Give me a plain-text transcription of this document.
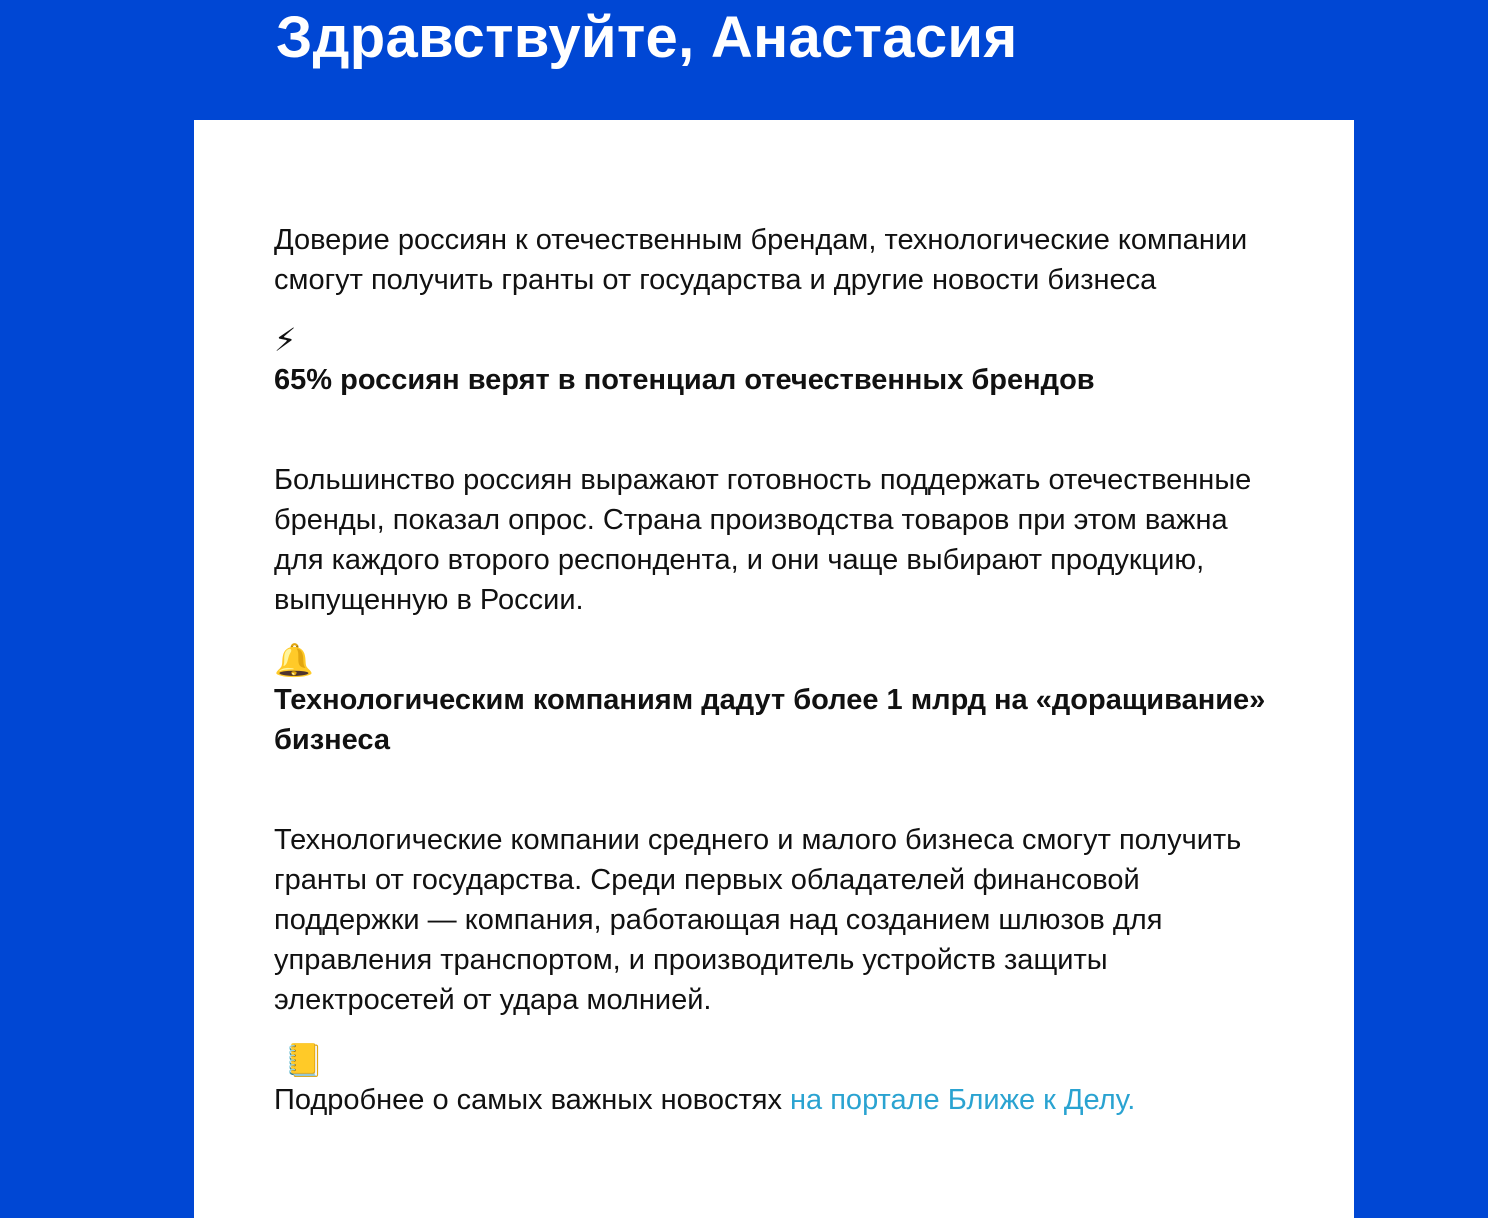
Здравствуйте, Анастасия

Доверие россиян к отечественным брендам, технологические компании смогут получить гранты от государства и другие новости бизнеса

⚡

65% россиян верят в потенциал отечественных брендов

Большинство россиян выражают готовность поддержать отечественные бренды, показал опрос. Страна производства товаров при этом важна для каждого второго респондента, и они чаще выбирают продукцию, выпущенную в России.

🔔

Технологическим компаниям дадут более 1 млрд на «доращивание» бизнеса

Технологические компании среднего и малого бизнеса смогут получить гранты от государства. Среди первых обладателей финансовой поддержки — компания, работающая над созданием шлюзов для управления транспортом, и производитель устройств защиты электросетей от удара молнией.

📒

Подробнее о самых важных новостях на портале Ближе к Делу.
